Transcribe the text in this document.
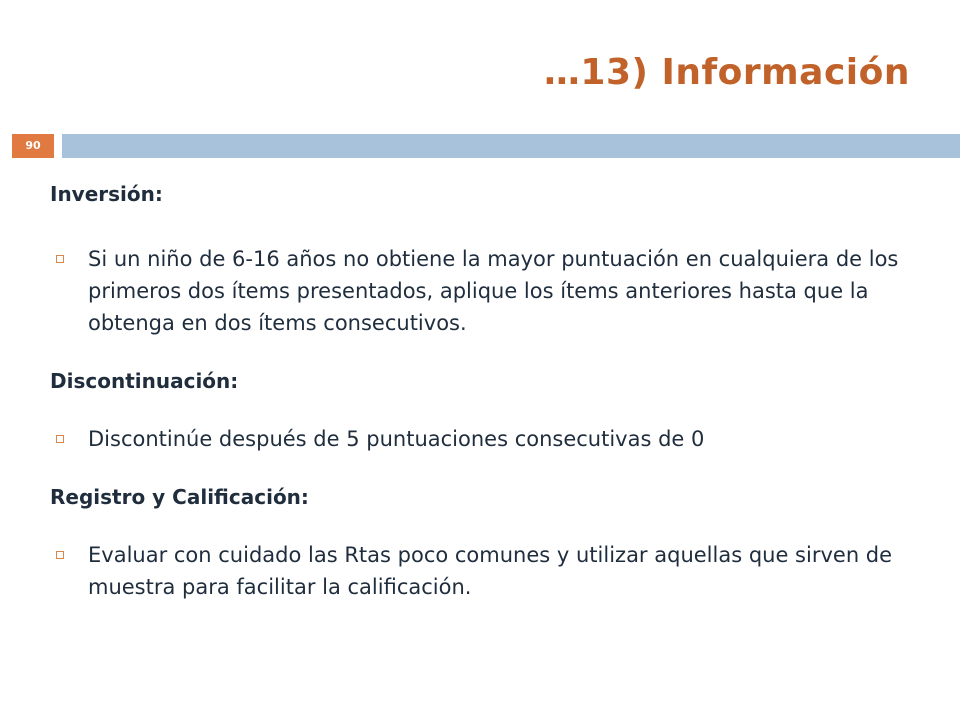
…13) Información
90
Inversión:
Si un niño de 6-16 años no obtiene la mayor puntuación en cualquiera de los primeros dos ítems presentados, aplique los ítems anteriores hasta que la obtenga en dos ítems consecutivos.
Discontinuación:
Discontinúe después de 5 puntuaciones consecutivas de 0
Registro y Calificación:
Evaluar con cuidado las Rtas poco comunes y utilizar aquellas que sirven de muestra para facilitar la calificación.
